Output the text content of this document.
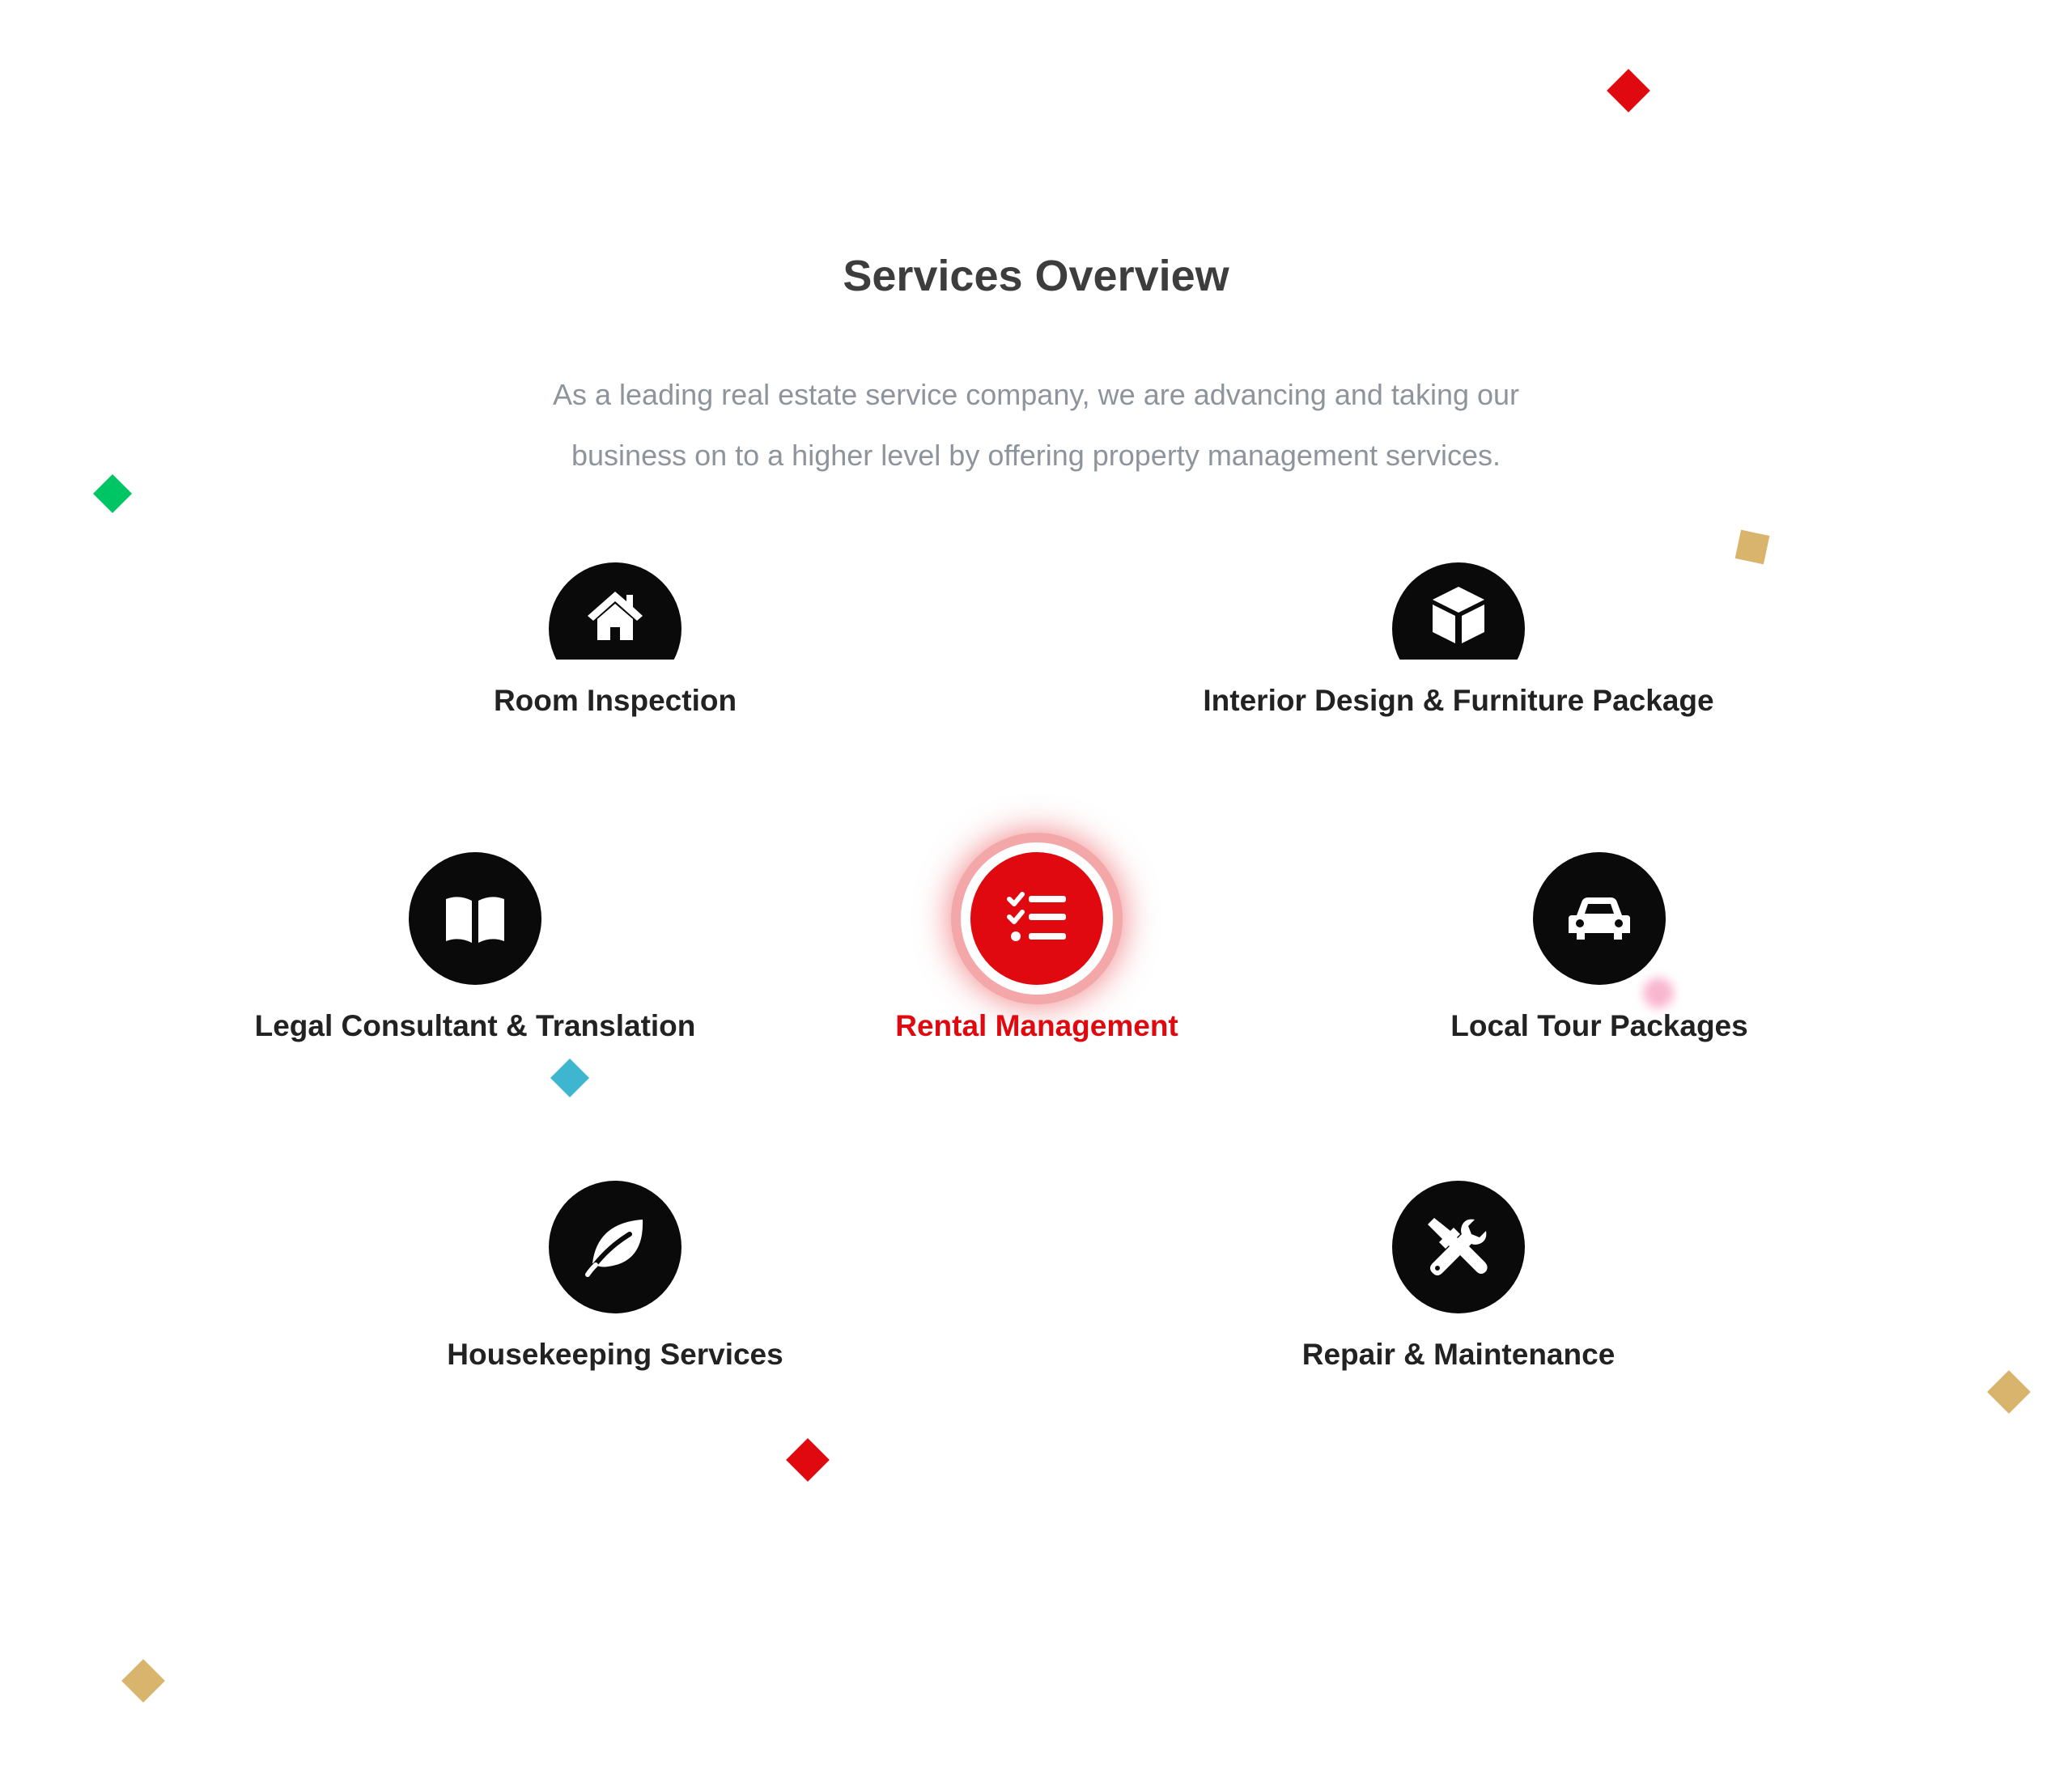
Services Overview

As a leading real estate service company, we are advancing and taking our
business on to a higher level by offering property management services.

Room Inspection	Interior Design & Furniture Package
Legal Consultant & Translation	Rental Management	Local Tour Packages
Housekeeping Services	Repair & Maintenance
